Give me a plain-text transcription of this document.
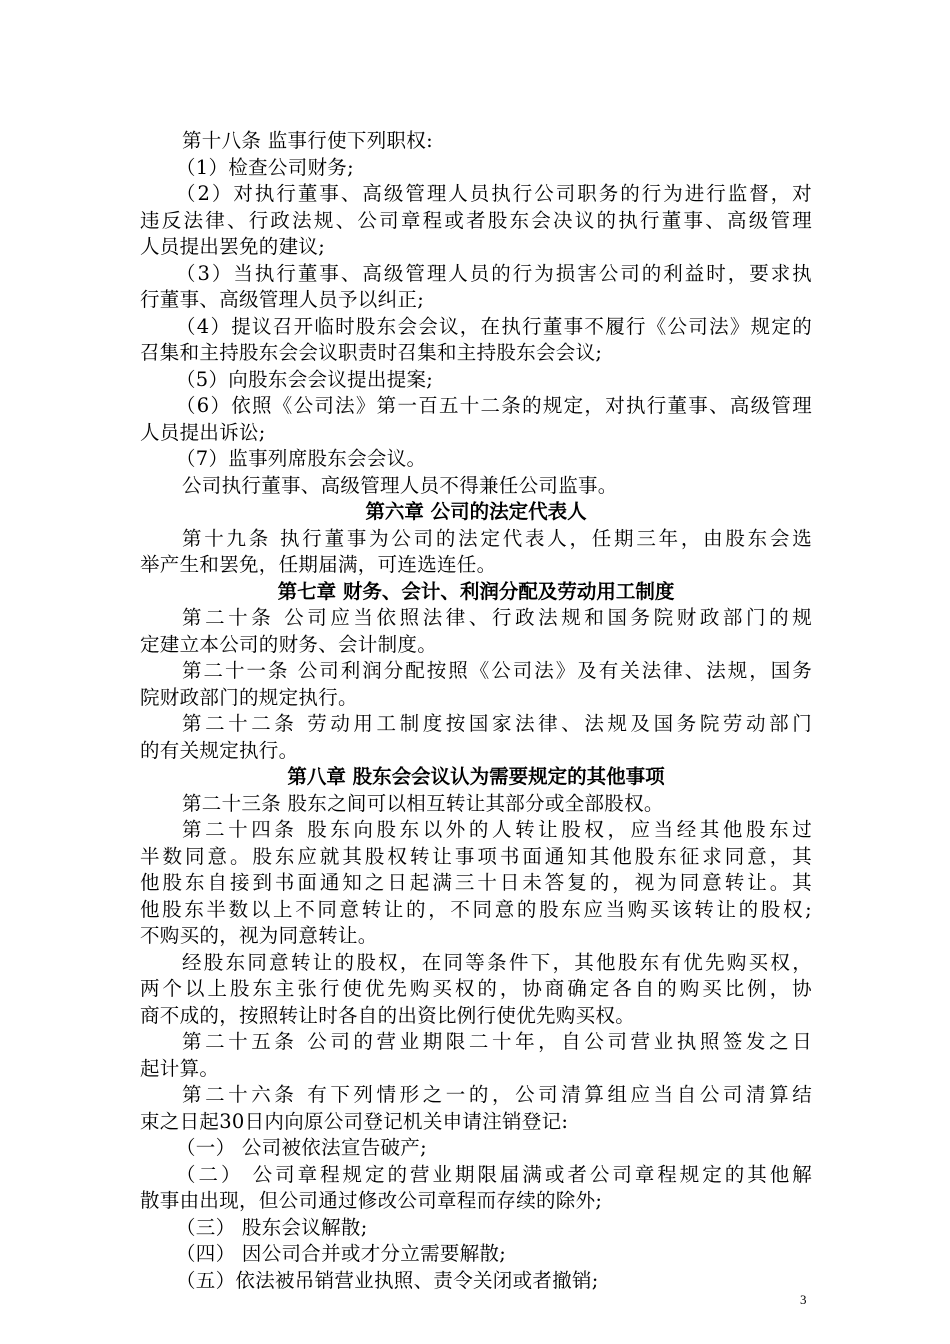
第十八条 监事行使下列职权:
（1）检查公司财务;
（2）对执行董事、高级管理人员执行公司职务的行为进行监督，对
违反法律、行政法规、公司章程或者股东会决议的执行董事、高级管理
人员提出罢免的建议;
（3）当执行董事、高级管理人员的行为损害公司的利益时，要求执
行董事、高级管理人员予以纠正;
（4）提议召开临时股东会会议，在执行董事不履行《公司法》规定的
召集和主持股东会会议职责时召集和主持股东会会议;
（5）向股东会会议提出提案;
（6）依照《公司法》第一百五十二条的规定，对执行董事、高级管理
人员提出诉讼;
（7）监事列席股东会会议。
公司执行董事、高级管理人员不得兼任公司监事。
第六章 公司的法定代表人
第十九条 执行董事为公司的法定代表人，任期三年，由股东会选
举产生和罢免，任期届满，可连选连任。
第七章 财务、会计、利润分配及劳动用工制度
第二十条 公司应当依照法律、行政法规和国务院财政部门的规
定建立本公司的财务、会计制度。
第二十一条 公司利润分配按照《公司法》及有关法律、法规，国务
院财政部门的规定执行。
第二十二条 劳动用工制度按国家法律、法规及国务院劳动部门
的有关规定执行。
第八章 股东会会议认为需要规定的其他事项
第二十三条 股东之间可以相互转让其部分或全部股权。
第二十四条 股东向股东以外的人转让股权，应当经其他股东过
半数同意。股东应就其股权转让事项书面通知其他股东征求同意，其
他股东自接到书面通知之日起满三十日未答复的，视为同意转让。其
他股东半数以上不同意转让的，不同意的股东应当购买该转让的股权;
不购买的，视为同意转让。
经股东同意转让的股权，在同等条件下，其他股东有优先购买权，
两个以上股东主张行使优先购买权的，协商确定各自的购买比例，协
商不成的，按照转让时各自的出资比例行使优先购买权。
第二十五条 公司的营业期限二十年，自公司营业执照签发之日
起计算。
第二十六条 有下列情形之一的，公司清算组应当自公司清算结
束之日起30日内向原公司登记机关申请注销登记:
（一） 公司被依法宣告破产;
（二） 公司章程规定的营业期限届满或者公司章程规定的其他解
散事由出现，但公司通过修改公司章程而存续的除外;
（三） 股东会议解散;
（四） 因公司合并或才分立需要解散;
（五）依法被吊销营业执照、责令关闭或者撤销;
3
